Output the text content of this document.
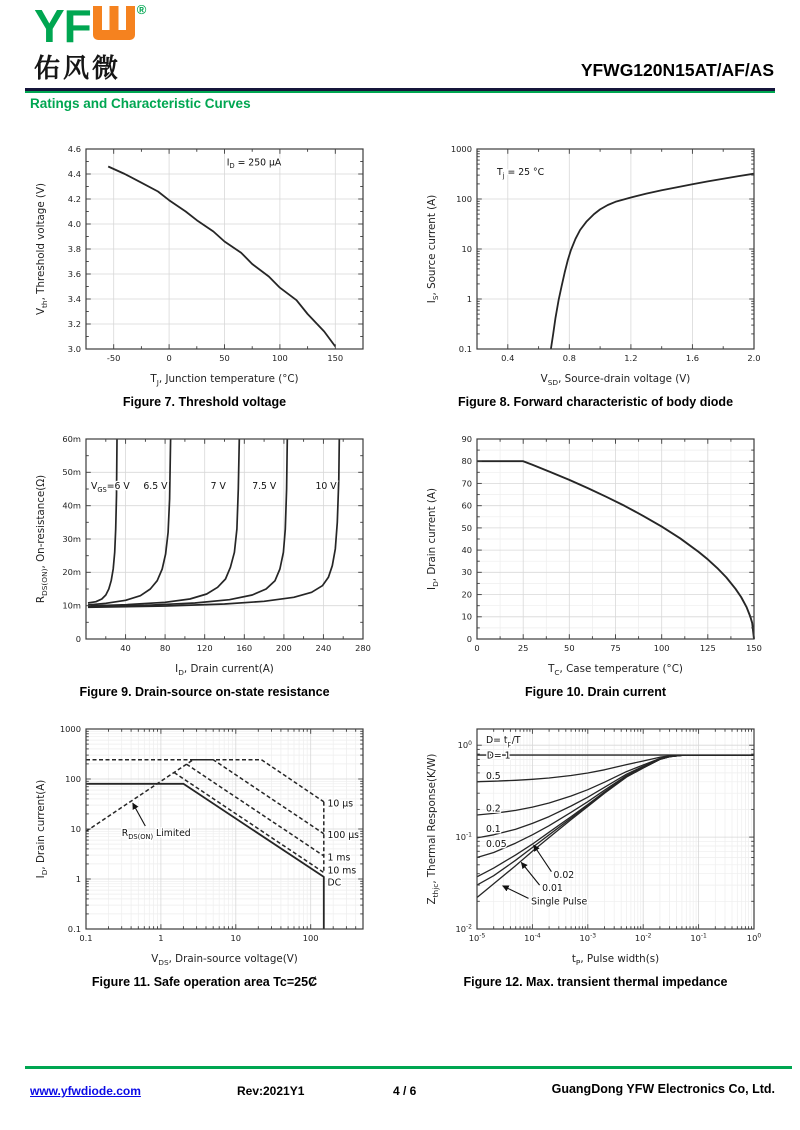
YF	®
佑风微	YFWG120N15AT/AF/AS
Ratings and Characteristic Curves
-50	0	50	100	150
3.0
3.2
3.4
3.6
3.8
4.0
4.2
4.4
4.6
$T_J$, Junction temperature (°C)
$V_{th}$, Threshold voltage (V)
$I_D = 250$ μA
Figure 7. Threshold voltage
0.4	0.8	1.2	1.6	2.0
0.1
1
10
100
1000
$V_{SD}$, Source-drain voltage (V)
$I_S$, Source current (A)
$T_j = 25$ °C
Figure 8. Forward characteristic of body diode
40	80	120	160	200	240	280
0
10m
20m
30m
40m
50m
60m
$I_D$, Drain current(A)
$R_{DS(ON)}$, On-resistance(Ω)	$V_{GS}=6$ V 6.5 V	7 V	7.5 V	10 V
Figure 9. Drain-source on-state resistance
0	25	50	75	100	125	150
0
10
20
30
40
50
60
70
80
90
$T_C$, Case temperature (°C)
$I_D$, Drain current (A)
Figure 10. Drain current
0.1	1	10	100
0.1
1
10
100
1000
$V_{DS}$, Drain-source voltage(V)
$I_D$, Drain current(A)	$R_{DS(ON)}$ Limited
10 μs
100 μs
1 ms
10 ms
DC
Figure 11. Safe operation area Tc=25Ȼ
$10^{-5}$	$10^{-4}$	$10^{-3}$	$10^{-2}$	$10^{-1}$	$10^0$
$10^{-2}$
$10^{-1}$
$10^0$
$t_P$, Pulse width(s)
$Z_{thjc}$, Thermal Response(K/W)
$D= t_p/T$
D= 1
0.5
0.2
0.1
0.05
0.02
0.01
Single Pulse
Figure 12. Max. transient thermal impedance
www.yfwdiode.com	Rev:2021Y1	4 / 6	GuangDong YFW Electronics Co, Ltd.
